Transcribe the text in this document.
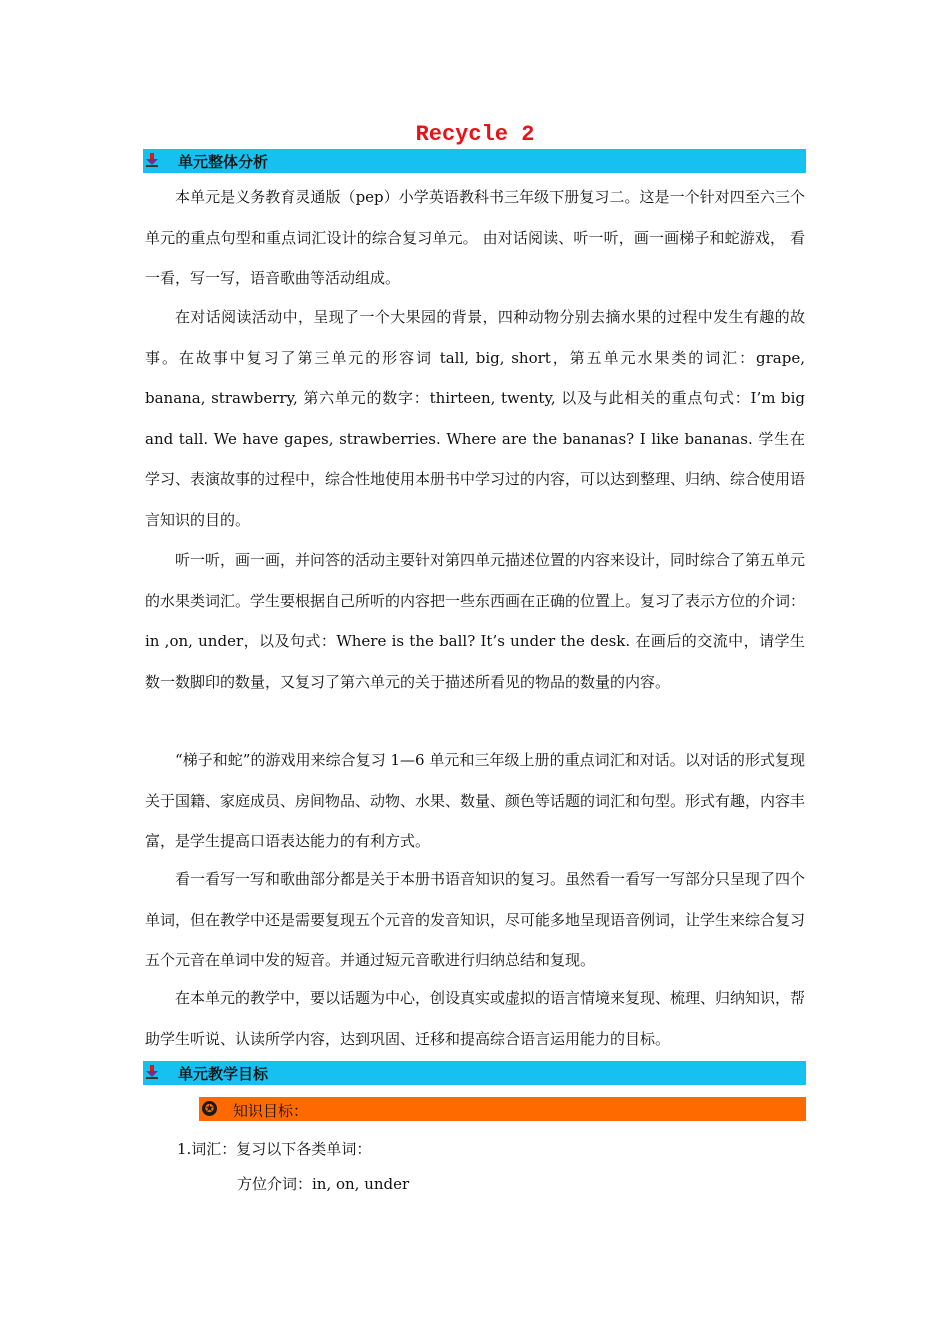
Recycle 2
单元整体分析

本单元是义务教育灵通版（pep）小学英语教科书三年级下册复习二。这是一个针对四至六三个单元的重点句型和重点词汇设计的综合复习单元。 由对话阅读、听一听，画一画梯子和蛇游戏， 看一看，写一写，语音歌曲等活动组成。

在对话阅读活动中，呈现了一个大果园的背景，四种动物分别去摘水果的过程中发生有趣的故事。在故事中复习了第三单元的形容词 tall, big, short，第五单元水果类的词汇：grape, banana, strawberry, 第六单元的数字：thirteen, twenty, 以及与此相关的重点句式：I’m big and tall. We have gapes, strawberries. Where are the bananas? I like bananas. 学生在学习、表演故事的过程中，综合性地使用本册书中学习过的内容，可以达到整理、归纳、综合使用语言知识的目的。

听一听，画一画，并问答的活动主要针对第四单元描述位置的内容来设计，同时综合了第五单元的水果类词汇。学生要根据自己所听的内容把一些东西画在正确的位置上。复习了表示方位的介词：in ,on, under，以及句式：Where is the ball? It’s under the desk. 在画后的交流中，请学生数一数脚印的数量，又复习了第六单元的关于描述所看见的物品的数量的内容。

“梯子和蛇”的游戏用来综合复习 1—6 单元和三年级上册的重点词汇和对话。以对话的形式复现关于国籍、家庭成员、房间物品、动物、水果、数量、颜色等话题的词汇和句型。形式有趣，内容丰富，是学生提高口语表达能力的有利方式。

看一看写一写和歌曲部分都是关于本册书语音知识的复习。虽然看一看写一写部分只呈现了四个单词，但在教学中还是需要复现五个元音的发音知识，尽可能多地呈现语音例词，让学生来综合复习五个元音在单词中发的短音。并通过短元音歌进行归纳总结和复现。

在本单元的教学中，要以话题为中心，创设真实或虚拟的语言情境来复现、梳理、归纳知识，帮助学生听说、认读所学内容，达到巩固、迁移和提高综合语言运用能力的目标。

单元教学目标
✪ 知识目标：

1.词汇：复习以下各类单词：

方位介词：in, on, under
